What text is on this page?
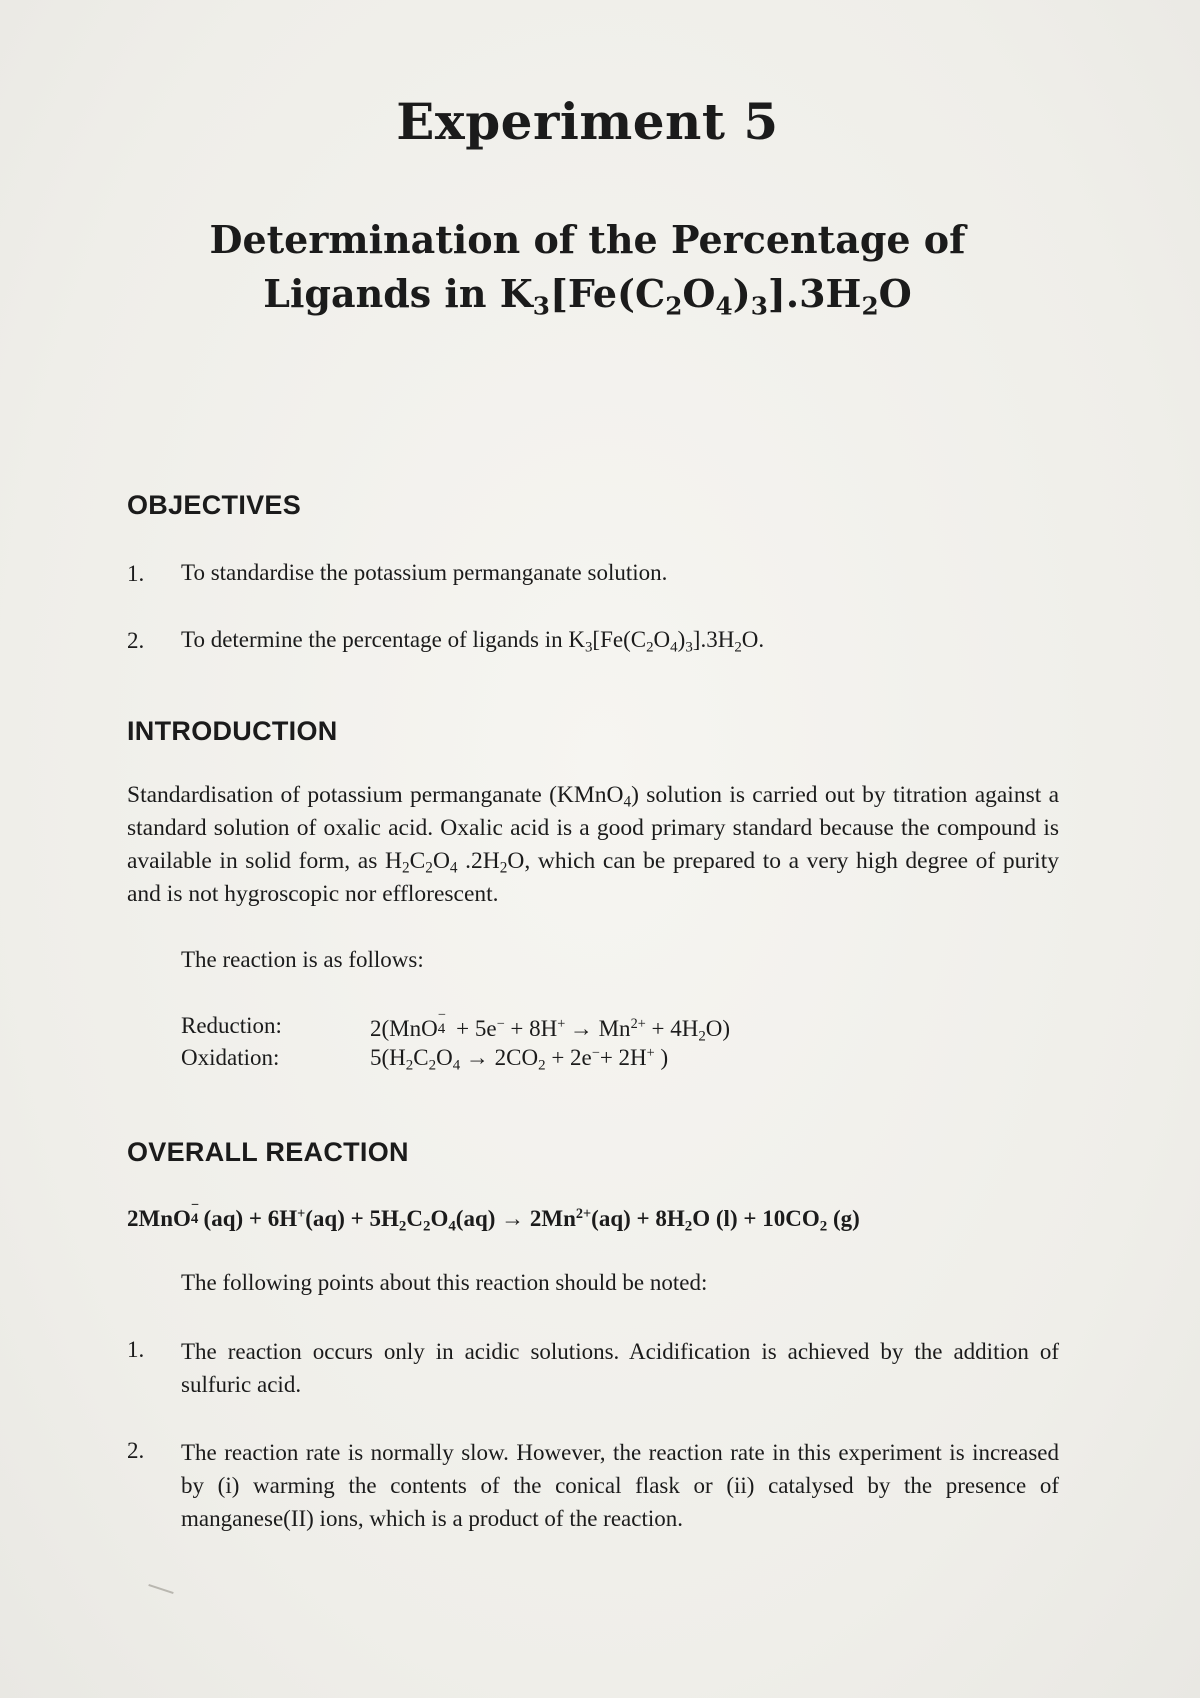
Experiment 5
Determination of the Percentage of
Ligands in $K_3[Fe(C_2O_4)_3].3H_2O$
OBJECTIVES
1. To standardise the potassium permanganate solution.
2. To determine the percentage of ligands in $K_3[Fe(C_2O_4)_3].3H_2O$.
INTRODUCTION
Standardisation of potassium permanganate (KMnO$_4$) solution is carried out by titration against a standard solution of oxalic acid. Oxalic acid is a good primary standard because the compound is available in solid form, as $H_2C_2O_4$ $.2H_2O$, which can be prepared to a very high degree of purity and is not hygroscopic nor efflorescent.
The reaction is as follows:
Reduction:	2(MnO
−
$4 + 5e^- + 8H^+ \to Mn^{2+} + 4H_2O$)
Oxidation:	$5(H_2C_2O_4 \to 2CO_2 + 2e^-+ 2H^+$ )
OVERALL REACTION
2MnO
−
4 $(aq) + 6H^+(aq) + 5H_2C_2O_4(aq) \to 2Mn^{2+}(aq) + 8H_2O$ $(l) + 10CO_2$ (g)
The following points about this reaction should be noted:
1. The reaction occurs only in acidic solutions. Acidification is achieved by the addition of sulfuric acid.
2. The reaction rate is normally slow. However, the reaction rate in this experiment is increased by (i) warming the contents of the conical flask or (ii) catalysed by the presence of manganese(II) ions, which is a product of the reaction.
